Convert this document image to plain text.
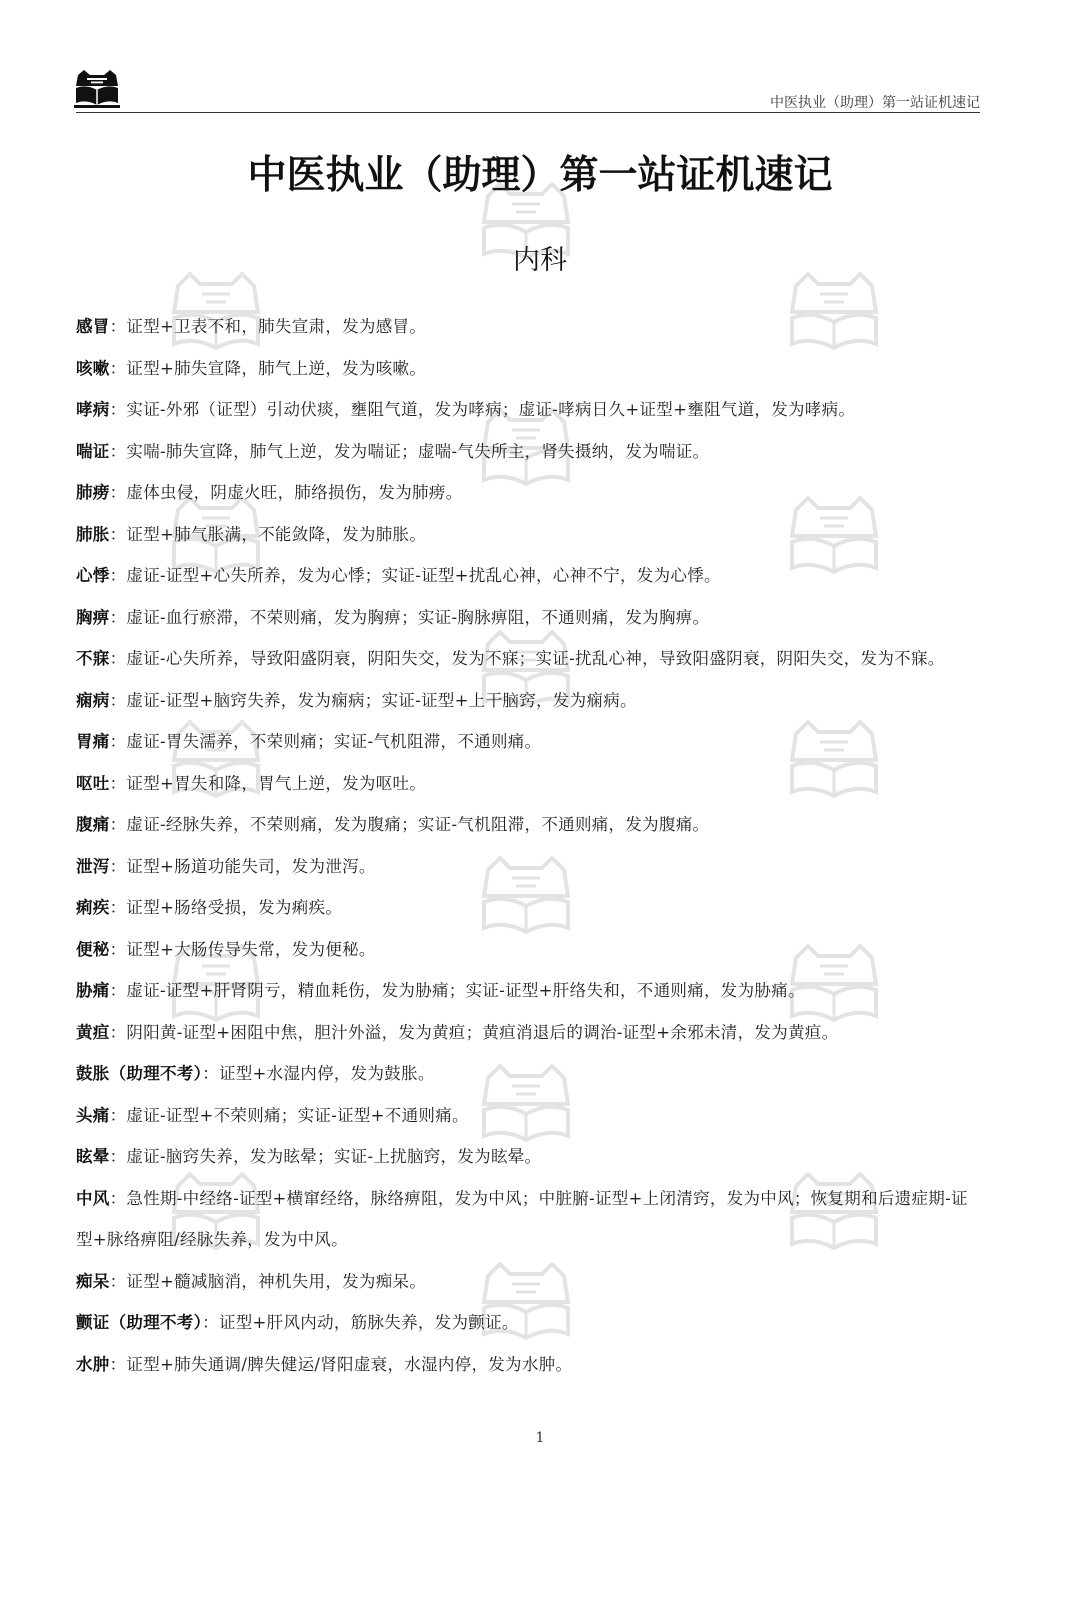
中医执业（助理）第一站证机速记
中医执业（助理）第一站证机速记
内科
感冒：证型+卫表不和，肺失宣肃，发为感冒。
咳嗽：证型+肺失宣降，肺气上逆，发为咳嗽。
哮病：实证-外邪（证型）引动伏痰，壅阻气道，发为哮病；虚证-哮病日久+证型+壅阻气道，发为哮病。
喘证：实喘-肺失宣降，肺气上逆，发为喘证；虚喘-气失所主，肾失摄纳，发为喘证。
肺痨：虚体虫侵，阴虚火旺，肺络损伤，发为肺痨。
肺胀：证型+肺气胀满，不能敛降，发为肺胀。
心悸：虚证-证型+心失所养，发为心悸；实证-证型+扰乱心神，心神不宁，发为心悸。
胸痹：虚证-血行瘀滞，不荣则痛，发为胸痹；实证-胸脉痹阻，不通则痛，发为胸痹。
不寐：虚证-心失所养，导致阳盛阴衰，阴阳失交，发为不寐；实证-扰乱心神，导致阳盛阴衰，阴阳失交，发为不寐。
痫病：虚证-证型+脑窍失养，发为痫病；实证-证型+上干脑窍，发为痫病。
胃痛：虚证-胃失濡养，不荣则痛；实证-气机阻滞，不通则痛。
呕吐：证型+胃失和降，胃气上逆，发为呕吐。
腹痛：虚证-经脉失养，不荣则痛，发为腹痛；实证-气机阻滞，不通则痛，发为腹痛。
泄泻：证型+肠道功能失司，发为泄泻。
痢疾：证型+肠络受损，发为痢疾。
便秘：证型+大肠传导失常，发为便秘。
胁痛：虚证-证型+肝肾阴亏，精血耗伤，发为胁痛；实证-证型+肝络失和，不通则痛，发为胁痛。
黄疸：阴阳黄-证型+困阻中焦，胆汁外溢，发为黄疸；黄疸消退后的调治-证型+余邪未清，发为黄疸。
鼓胀（助理不考）：证型+水湿内停，发为鼓胀。
头痛：虚证-证型+不荣则痛；实证-证型+不通则痛。
眩晕：虚证-脑窍失养，发为眩晕；实证-上扰脑窍，发为眩晕。
中风：急性期-中经络-证型+横窜经络，脉络痹阻，发为中风；中脏腑-证型+上闭清窍，发为中风；恢复期和后遗症期-证型+脉络痹阻/经脉失养，发为中风。
痴呆：证型+髓减脑消，神机失用，发为痴呆。
颤证（助理不考）：证型+肝风内动，筋脉失养，发为颤证。
水肿：证型+肺失通调/脾失健运/肾阳虚衰，水湿内停，发为水肿。
1
